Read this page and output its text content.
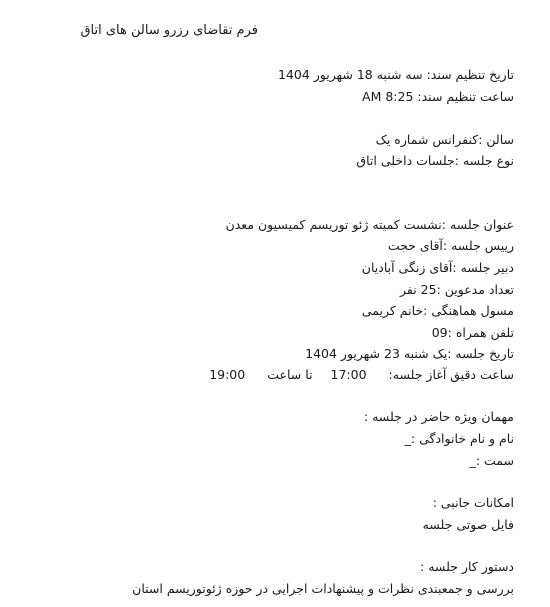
فرم تقاضای رزرو سالن های اتاق
تاریخ تنظیم سند: سه شنبه 18 شهریور 1404
ساعت تنظیم سند: 8:25 AM
سالن :کنفرانس شماره یک
نوع جلسه :جلسات داخلی اتاق
عنوان جلسه :نشست کمیته ژئو توریسم کمیسیون معدن
رییس جلسه :آقای حجت
دبیر جلسه :آقای زنگی آبادیان
تعداد مدعوین :25 نفر
مسول هماهنگی :خانم کریمی
تلفن همراه :09
تاریخ جلسه :یک شنبه 23 شهریور 1404
ساعت دقیق آغاز جلسه:
17:00
تا ساعت
19:00
مهمان ویژه حاضر در جلسه :
نام و نام خانوادگی :_
سمت :_
امکانات جانبی :
فایل صوتی جلسه
دستور کار جلسه :
بررسی و جمعبندی نظرات و پیشنهادات اجرایی در حوزه ژئوتوریسم استان
